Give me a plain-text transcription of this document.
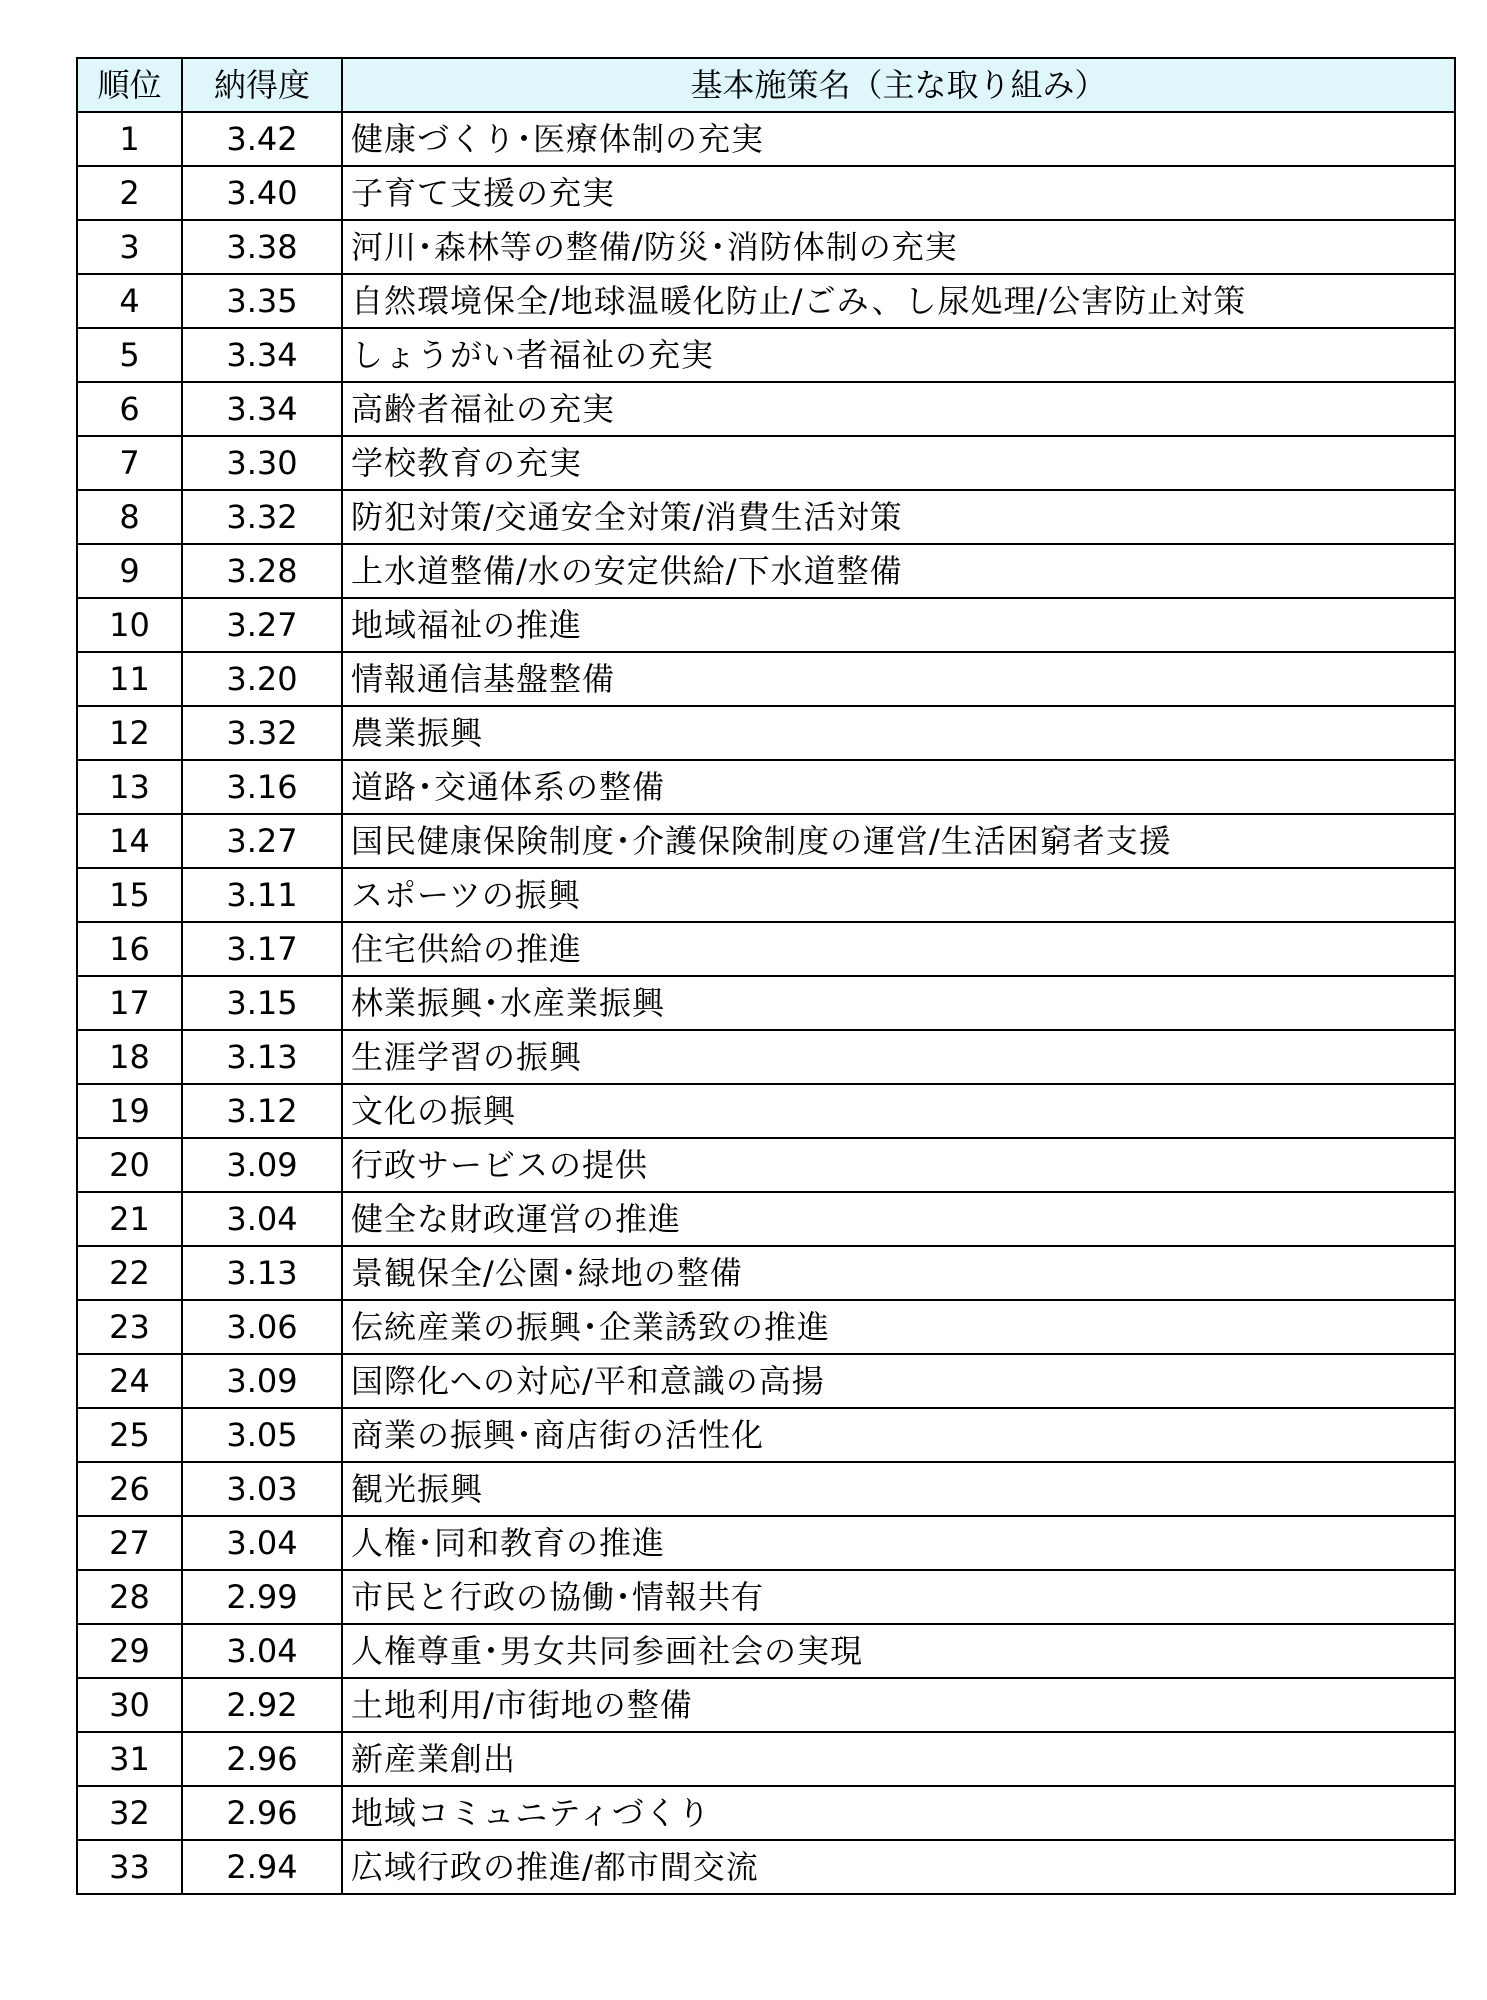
順位	納得度	基本施策名（主な取り組み）
1	3.42	健康づくり･医療体制の充実
2	3.40	子育て支援の充実
3	3.38	河川･森林等の整備/防災･消防体制の充実
4	3.35	自然環境保全/地球温暖化防止/ごみ、し尿処理/公害防止対策
5	3.34	しょうがい者福祉の充実
6	3.34	高齢者福祉の充実
7	3.30	学校教育の充実
8	3.32	防犯対策/交通安全対策/消費生活対策
9	3.28	上水道整備/水の安定供給/下水道整備
10	3.27	地域福祉の推進
11	3.20	情報通信基盤整備
12	3.32	農業振興
13	3.16	道路･交通体系の整備
14	3.27	国民健康保険制度･介護保険制度の運営/生活困窮者支援
15	3.11	スポーツの振興
16	3.17	住宅供給の推進
17	3.15	林業振興･水産業振興
18	3.13	生涯学習の振興
19	3.12	文化の振興
20	3.09	行政サービスの提供
21	3.04	健全な財政運営の推進
22	3.13	景観保全/公園･緑地の整備
23	3.06	伝統産業の振興･企業誘致の推進
24	3.09	国際化への対応/平和意識の高揚
25	3.05	商業の振興･商店街の活性化
26	3.03	観光振興
27	3.04	人権･同和教育の推進
28	2.99	市民と行政の協働･情報共有
29	3.04	人権尊重･男女共同参画社会の実現
30	2.92	土地利用/市街地の整備
31	2.96	新産業創出
32	2.96	地域コミュニティづくり
33	2.94	広域行政の推進/都市間交流
